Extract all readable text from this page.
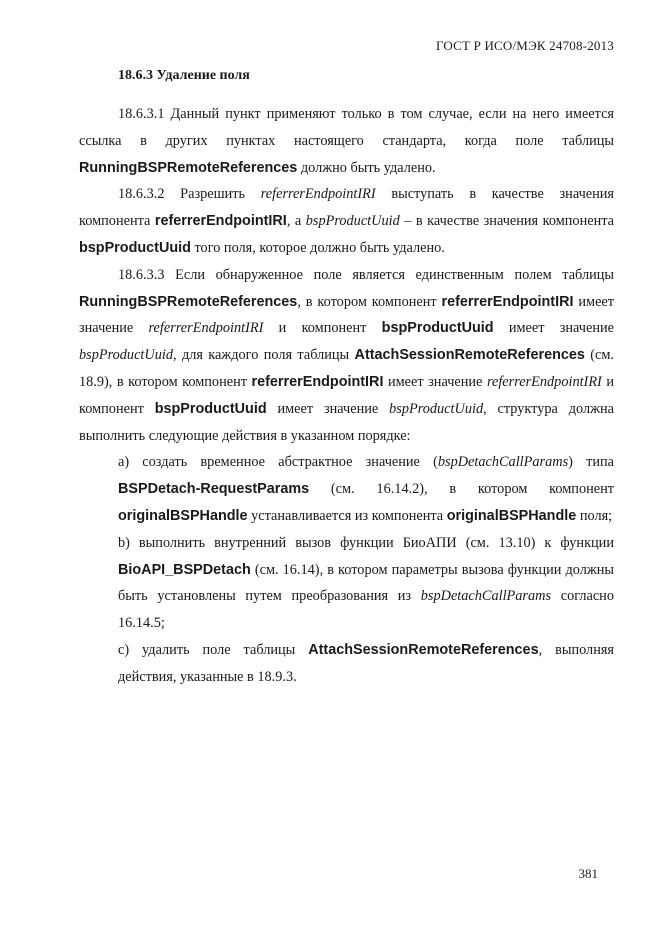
ГОСТ Р ИСО/МЭК 24708-2013
18.6.3 Удаление поля

18.6.3.1 Данный пункт применяют только в том случае, если на него имеется ссылка в других пунктах настоящего стандарта, когда поле таблицы RunningBSPRemoteReferences должно быть удалено.

18.6.3.2 Разрешить referrerEndpointIRI выступать в качестве значения компонента referrerEndpointIRI, а bspProductUuid – в качестве значения компонента bspProductUuid того поля, которое должно быть удалено.

18.6.3.3 Если обнаруженное поле является единственным полем таблицы RunningBSPRemoteReferences, в котором компонент referrerEndpointIRI имеет значение referrerEndpointIRI и компонент bspProductUuid имеет значение bspProductUuid, для каждого поля таблицы AttachSessionRemoteReferences (см. 18.9), в котором компонент referrerEndpointIRI имеет значение referrerEndpointIRI и компонент bspProductUuid имеет значение bspProductUuid, структура должна выполнить следующие действия в указанном порядке:

a) создать временное абстрактное значение (bspDetachCallParams) типа BSPDetach-RequestParams (см. 16.14.2), в котором компонент originalBSPHandle устанавливается из компонента originalBSPHandle поля;

b) выполнить внутренний вызов функции БиоАПИ (см. 13.10) к функции BioAPI_BSPDetach (см. 16.14), в котором параметры вызова функции должны быть установлены путем преобразования из bspDetachCallParams согласно 16.14.5;

c) удалить поле таблицы AttachSessionRemoteReferences, выполняя действия, указанные в 18.9.3.

381
